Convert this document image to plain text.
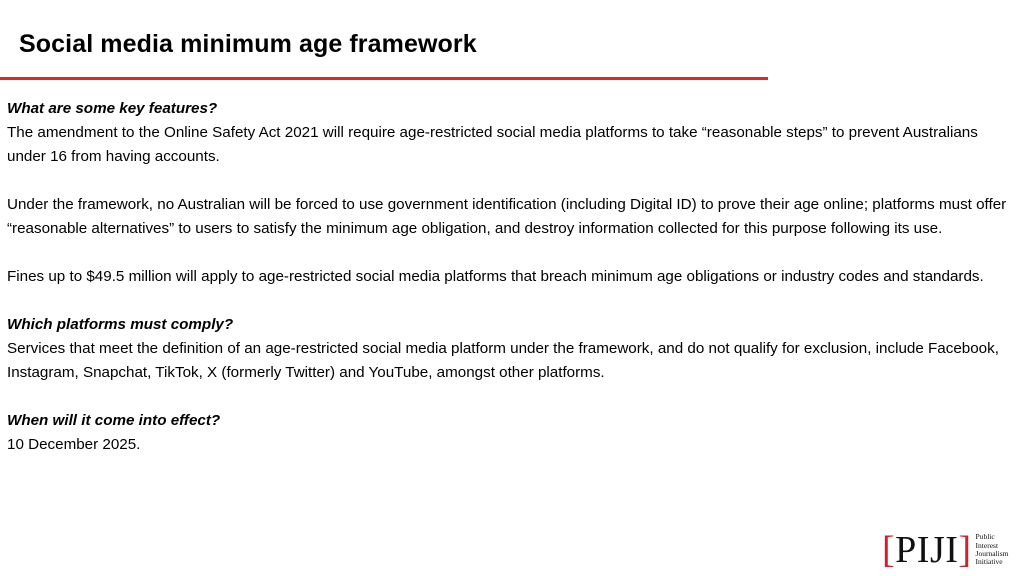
Social media minimum age framework

What are some key features?

The amendment to the Online Safety Act 2021 will require age-restricted social media platforms to take “reasonable steps” to prevent Australians under 16 from having accounts.

Under the framework, no Australian will be forced to use government identification (including Digital ID) to prove their age online; platforms must offer “reasonable alternatives” to users to satisfy the minimum age obligation, and destroy information collected for this purpose following its use.

Fines up to $49.5 million will apply to age-restricted social media platforms that breach minimum age obligations or industry codes and standards.

Which platforms must comply?

Services that meet the definition of an age-restricted social media platform under the framework, and do not qualify for exclusion, include Facebook, Instagram, Snapchat, TikTok, X (formerly Twitter) and YouTube, amongst other platforms.

When will it come into effect?

10 December 2025.

[PIJI] Public
Interest
Journalism
Initiative
